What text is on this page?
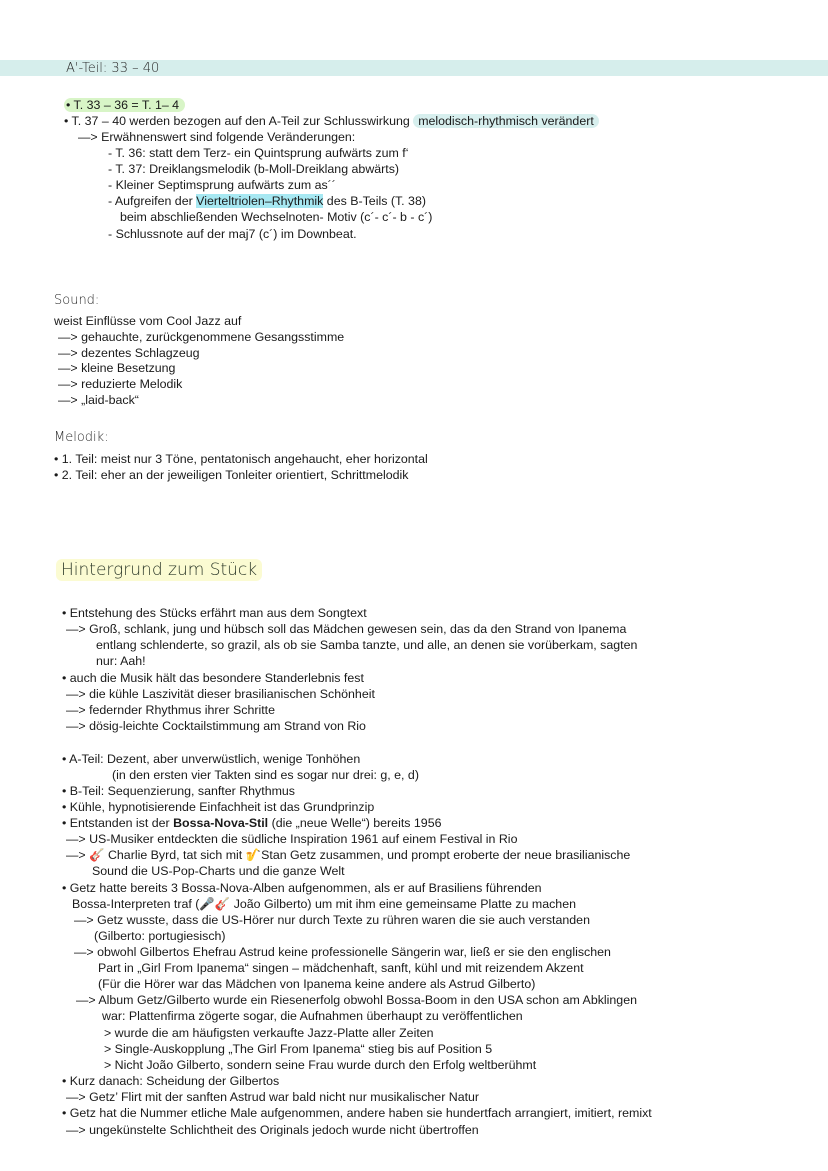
A'-Teil: 33 – 40
• T. 33 – 36 = T. 1– 4
• T. 37 – 40 werden bezogen auf den A-Teil zur Schlusswirkung melodisch-rhythmisch verändert
—> Erwähnenswert sind folgende Veränderungen:
- T. 36: statt dem Terz- ein Quintsprung aufwärts zum f‘
- T. 37: Dreiklangsmelodik (b-Moll-Dreiklang abwärts)
- Kleiner Septimsprung aufwärts zum as´´
- Aufgreifen der Vierteltriolen–Rhythmik des B-Teils (T. 38)
beim abschließenden Wechselnoten- Motiv (c´- c´- b - c´)
- Schlussnote auf der maj7 (c´) im Downbeat.
Sound:
weist Einflüsse vom Cool Jazz auf
—> gehauchte, zurückgenommene Gesangsstimme
—> dezentes Schlagzeug
—> kleine Besetzung
—> reduzierte Melodik
—> „laid-back“
Melodik:
• 1. Teil: meist nur 3 Töne, pentatonisch angehaucht, eher horizontal
• 2. Teil: eher an der jeweiligen Tonleiter orientiert, Schrittmelodik
Hintergrund zum Stück
• Entstehung des Stücks erfährt man aus dem Songtext
—> Groß, schlank, jung und hübsch soll das Mädchen gewesen sein, das da den Strand von Ipanema
entlang schlenderte, so grazil, als ob sie Samba tanzte, und alle, an denen sie vorüberkam, sagten
nur: Aah!
• auch die Musik hält das besondere Standerlebnis fest
—> die kühle Laszivität dieser brasilianischen Schönheit
—> federnder Rhythmus ihrer Schritte
—> dösig-leichte Cocktailstimmung am Strand von Rio
• A-Teil: Dezent, aber unverwüstlich, wenige Tonhöhen
(in den ersten vier Takten sind es sogar nur drei: g, e, d)
• B-Teil: Sequenzierung, sanfter Rhythmus
• Kühle, hypnotisierende Einfachheit ist das Grundprinzip
• Entstanden ist der Bossa-Nova-Stil (die „neue Welle“) bereits 1956
—> US-Musiker entdeckten die südliche Inspiration 1961 auf einem Festival in Rio
—> 🎸 Charlie Byrd, tat sich mit 🎷Stan Getz zusammen, und prompt eroberte der neue brasilianische
Sound die US-Pop-Charts und die ganze Welt
• Getz hatte bereits 3 Bossa-Nova-Alben aufgenommen, als er auf Brasiliens führenden
Bossa-Interpreten traf (🎤🎸 João Gilberto) um mit ihm eine gemeinsame Platte zu machen
—> Getz wusste, dass die US-Hörer nur durch Texte zu rühren waren die sie auch verstanden
(Gilberto: portugiesisch)
—> obwohl Gilbertos Ehefrau Astrud keine professionelle Sängerin war, ließ er sie den englischen
Part in „Girl From Ipanema“ singen – mädchenhaft, sanft, kühl und mit reizendem Akzent
(Für die Hörer war das Mädchen von Ipanema keine andere als Astrud Gilberto)
—> Album Getz/Gilberto wurde ein Riesenerfolg obwohl Bossa-Boom in den USA schon am Abklingen
war: Plattenfirma zögerte sogar, die Aufnahmen überhaupt zu veröffentlichen
> wurde die am häufigsten verkaufte Jazz-Platte aller Zeiten
> Single-Auskopplung „The Girl From Ipanema“ stieg bis auf Position 5
> Nicht João Gilberto, sondern seine Frau wurde durch den Erfolg weltberühmt
• Kurz danach: Scheidung der Gilbertos
—> Getz’ Flirt mit der sanften Astrud war bald nicht nur musikalischer Natur
• Getz hat die Nummer etliche Male aufgenommen, andere haben sie hundertfach arrangiert, imitiert, remixt
—> ungekünstelte Schlichtheit des Originals jedoch wurde nicht übertroffen
